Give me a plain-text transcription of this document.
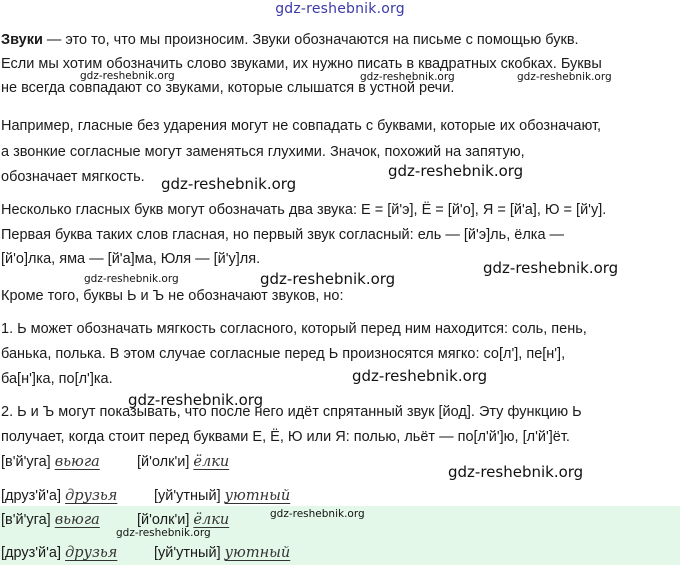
gdz-reshebnik.org
Звуки — это то, что мы произносим. Звуки обозначаются на письме с помощью букв.
Если мы хотим обозначить слово звуками, их нужно писать в квадратных скобках. Буквы
не всегда совпадают со звуками, которые слышатся в устной речи.
Например, гласные без ударения могут не совпадать с буквами, которые их обозначают,
а звонкие согласные могут заменяться глухими. Значок, похожий на запятую,
обозначает мягкость.
Несколько гласных букв могут обозначать два звука: Е = [й'э], Ё = [й'о], Я = [й'а], Ю = [й'у].
Первая буква таких слов гласная, но первый звук согласный: ель — [й'э]ль, ёлка —
[й'о]лка, яма — [й'а]ма, Юля — [й'у]ля.
Кроме того, буквы Ь и Ъ не обозначают звуков, но:
1. Ь может обозначать мягкость согласного, который перед ним находится: соль, пень,
банька, полька. В этом случае согласные перед Ь произносятся мягко: со[л'], пе[н'],
ба[н']ка, по[л']ка.
2. Ь и Ъ могут показывать, что после него идёт спрятанный звук [йод]. Эту функцию Ь
получает, когда стоит перед буквами Е, Ё, Ю или Я: полью, льёт — по[л'й']ю, [л'й']ёт.
[в'й'уга] вьюга	[й'олк'и] ёлки
[друз'й'а] друзья	[уй'утный] уютный
[в'й'уга] вьюга	[й'олк'и] ёлки
[друз'й'а] друзья	[уй'утный] уютный
gdz-reshebnik.org	gdz-reshebnik.org	gdz-reshebnik.org
gdz-reshebnik.org
gdz-reshebnik.org
gdz-reshebnik.org
gdz-reshebnik.org	gdz-reshebnik.org
gdz-reshebnik.org
gdz-reshebnik.org
gdz-reshebnik.org
gdz-reshebnik.org
gdz-reshebnik.org
